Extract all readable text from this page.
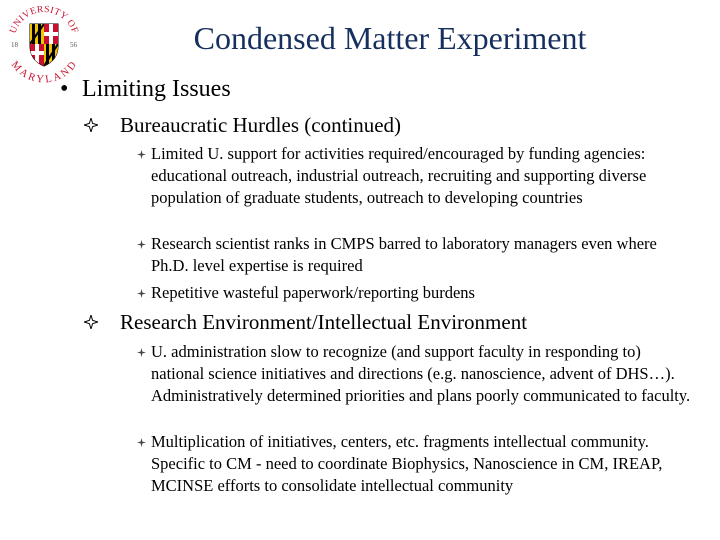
UNIVERSITY OF
MARYLAND
18	56	Condensed Matter Experiment
• Limiting Issues
Bureaucratic Hurdles (continued)
Limited U. support for activities required/encouraged by funding agencies: educational outreach, industrial outreach, recruiting and supporting diverse population of graduate students, outreach to developing countries
Research scientist ranks in CMPS barred to laboratory managers even where Ph.D. level expertise is required
Repetitive wasteful paperwork/reporting burdens
Research Environment/Intellectual Environment
U. administration slow to recognize (and support faculty in responding to) national science initiatives and directions (e.g. nanoscience, advent of DHS…). Administratively determined priorities and plans poorly communicated to faculty.
Multiplication of initiatives, centers, etc. fragments intellectual community. Specific to CM - need to coordinate Biophysics, Nanoscience in CM, IREAP, MCINSE efforts to consolidate intellectual community
